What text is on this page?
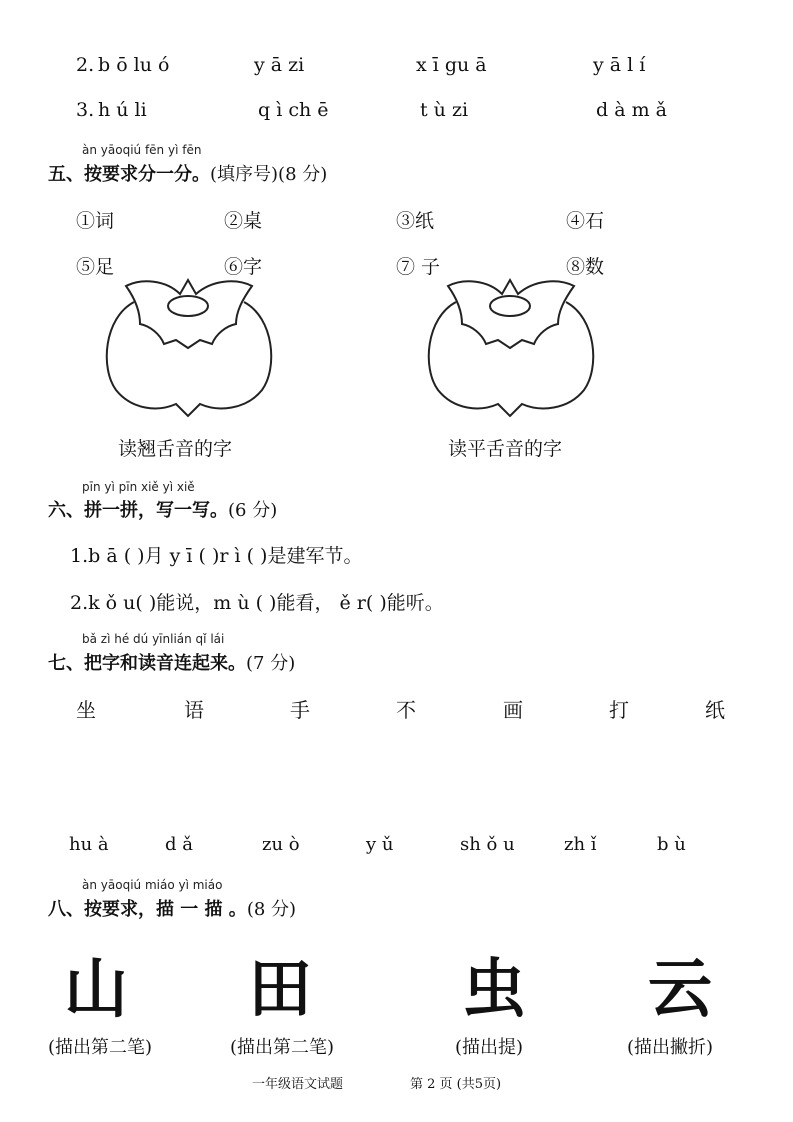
2. b ō lu ó	y ā zi	x ī gu ā	y ā l í
3. h ú li	q ì ch ē	t ù zi	d à m ǎ
àn yāoqiú fēn yì fēn
五、按要求分一分。(填序号)(8 分)
①词	②桌	③纸	④石
⑤足	⑥字	⑦ 子	⑧数
读翘舌音的字	读平舌音的字
pīn yì pīn xiě yì xiě
六、拼一拼，写一写。(6 分)
1.b ā ( )月 y ī ( )r ì ( )是建军节。
2.k ǒ u( )能说，m ù ( )能看， ě r( )能听。
bǎ zì hé dú yīnlián qǐ lái
七、把字和读音连起来。(7 分)
坐	语	手	不	画	打	纸
hu à	d ǎ	zu ò	y ǔ	sh ǒ u	zh ǐ	b ù
àn yāoqiú miáo yì miáo
八、按要求，描 一 描 。(8 分)
山 田 虫 云
(描出第二笔)	(描出第二笔)	(描出提)	(描出撇折)
一年级语文试题	第 2 页 (共5页)
